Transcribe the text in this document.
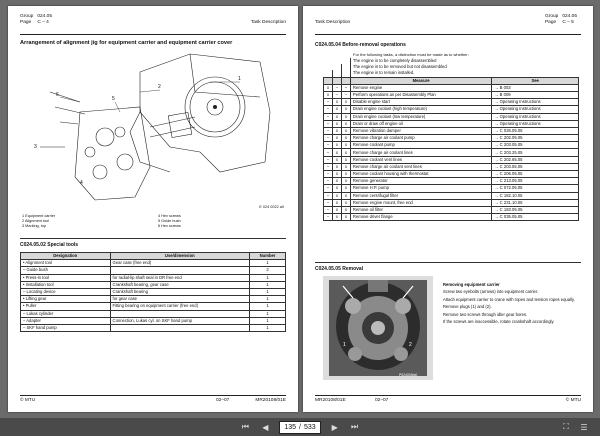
Group	024.05
Page	C – 4	Task Description
Arrangement of alignment jig for equipment carrier and equipment carrier cover
1
2
6
5
4
3
E 024 0022 a0
1 Equipment carrier
2 Alignment tool
3 Marking, top
4 Hex screws
5 Guide bush
6 Hex screws
C024.05.02 Special tools
Designation	Use/dimension	Number
• Alignment tool	Gear case (free end)	1
– Guide bush		2
• Press-in tool	for radial-lip shaft seal in DR free end	1
• Installation tool	Crankshaft bearing, gear case	1
– Locating device	Crankshaft bearing	1
• Lifting gear	for gear case	1
• Puller	Fitting bearing on equipment carrier (free end)	1
– Lukas cylinder		1
– Adapter	Connection, Lukas cyl. on SKF hand pump	1
– SKF hand pump		1
© MTU	02–07	MR20108/01E
Task Description
Group	024.05
Page	C – 5
C024.05.04 Before-removal operations
For the following tasks, a distinction must be made as to whether:
			The engine is to be completely disassembled	
			The engine is to be removed but not disassembled	
			The engine is to remain installed.	
			Measure	See
x	–	–	Remove engine	→ B 003
x	–	–	Perform operations as per Disassembly Plan	→ B 009
–	x	x	Disable engine start	→ Operating Instructions
–	x	x	Drain engine coolant (high temperature)	→ Operating Instructions
–	x	x	Drain engine coolant (low temperature)	→ Operating Instructions
–	x	x	Drain or draw off engine oil	→ Operating Instructions
–	x	x	Remove vibration damper	→ C 026.05.05
–	x	x	Remove charge air coolant pump	→ C 202.05.05
–	x	x	Remove coolant pump	→ C 203.05.05
–	x	x	Remove charge air coolant lines	→ C 203.25.05
–	x	x	Remove coolant vent lines	→ C 202.65.05
–	x	x	Remove charge air coolant vent lines	→ C 203.55.05
–	x	x	Remove coolant housing with thermostat	→ C 206.05.05
–	x	x	Remove generator	→ C 213.05.05
–	x	x	Remove H.P. pump	→ C 072.05.05
–	x	x	Remove centrifugal filter	→ C 182.10.05
–	x	x	Remove engine mount, free end	→ C 231.10.05
–	x	x	Remove oil filter	→ C 183.05.05
–	x	x	Remove driver flange	→ C 035.05.05
C024.05.05 Removal
1	2
P024005/a0
Removing equipment carrier
Screw two eyebolts (arrows) into equipment carrier.
Attach equipment carrier to crane with ropes and tension ropes equally.
Remove plugs (1) and (2).
Remove two screws through idler gear bores.
If the screws are inaccessible, rotate crankshaft accordingly.
MR20108/01E	02–07	© MTU
⏮	◀	135 / 533	▶	⏭	⛶	☰
